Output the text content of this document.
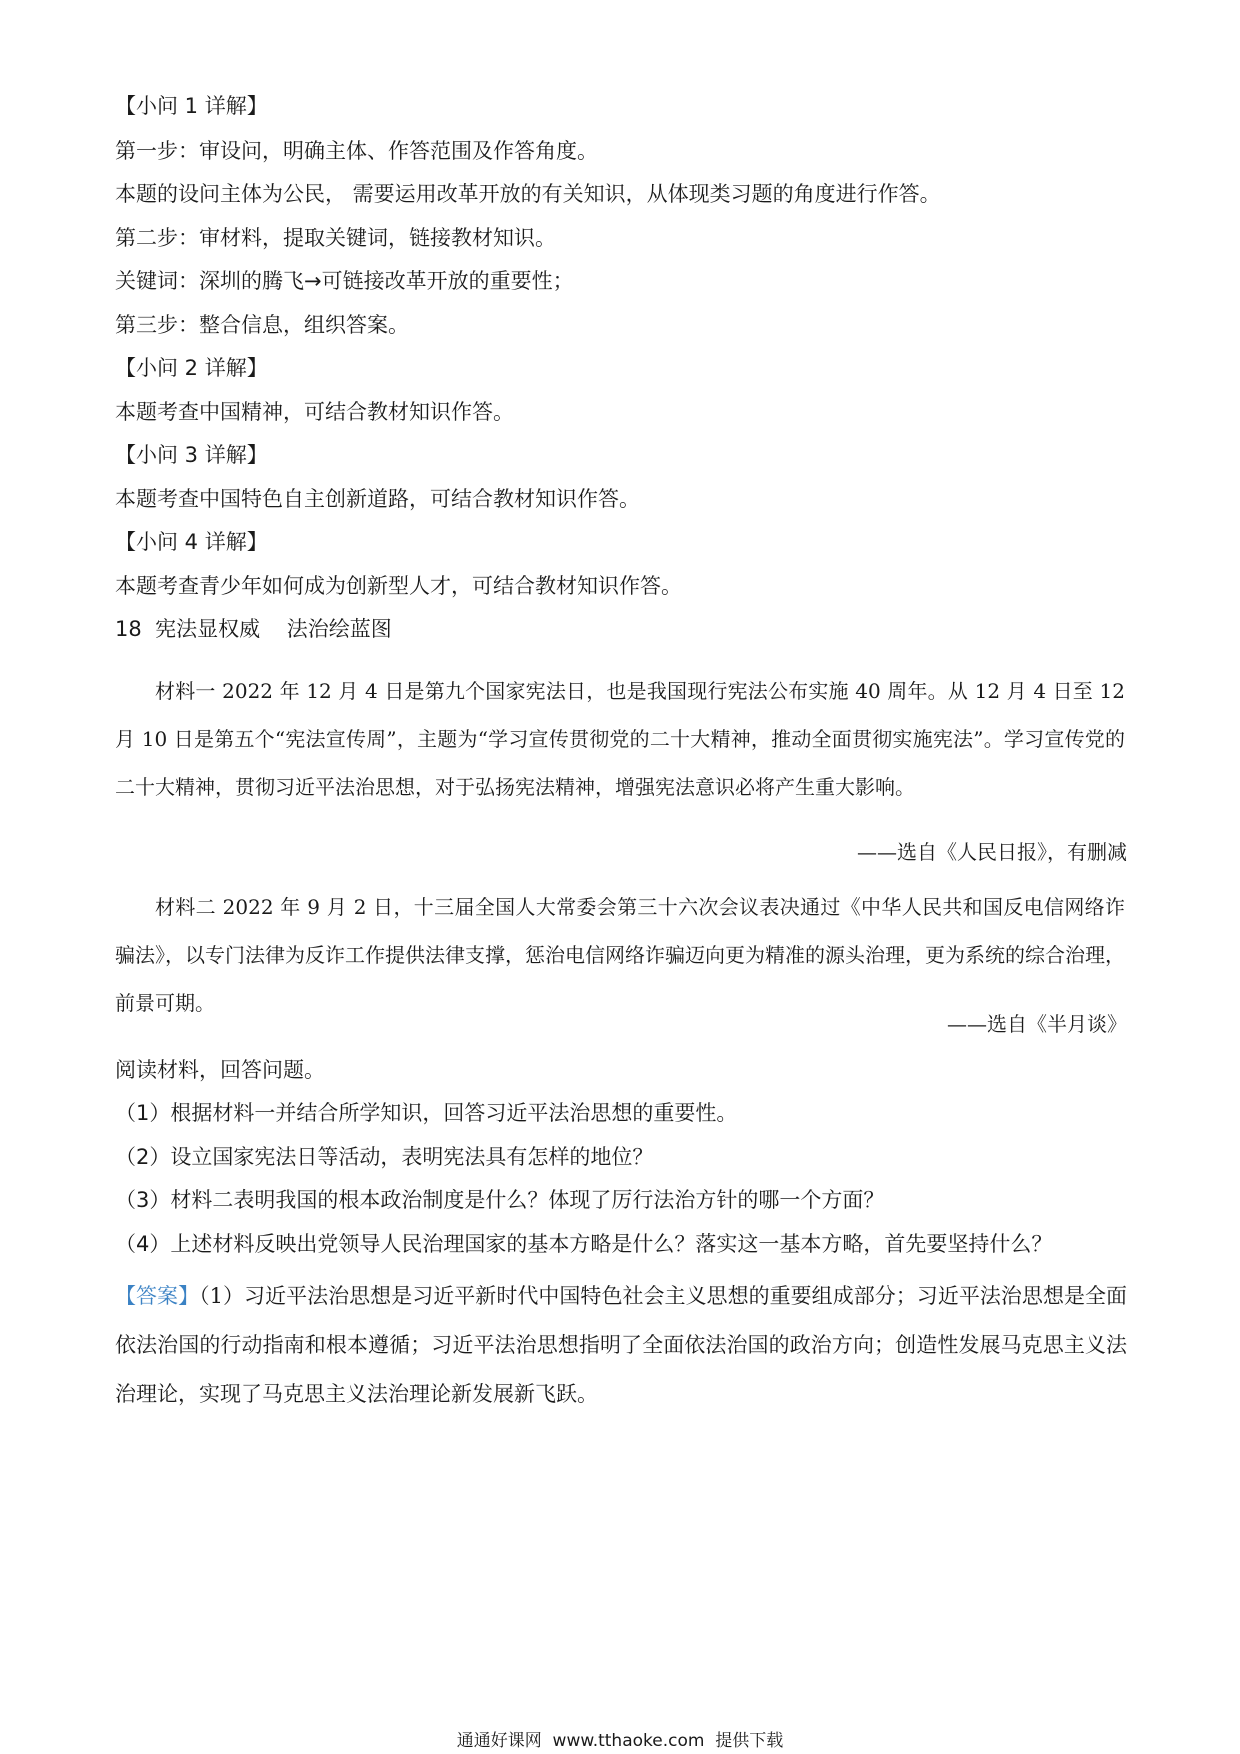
【小问 1 详解】
第一步：审设问，明确主体、作答范围及作答角度。
本题的设问主体为公民， 需要运用改革开放的有关知识，从体现类习题的角度进行作答。
第二步：审材料，提取关键词，链接教材知识。
关键词：深圳的腾飞→可链接改革开放的重要性；
第三步：整合信息，组织答案。
【小问 2 详解】
本题考查中国精神，可结合教材知识作答。
【小问 3 详解】
本题考查中国特色自主创新道路，可结合教材知识作答。
【小问 4 详解】
本题考查青少年如何成为创新型人才，可结合教材知识作答。
18  宪法显权威    法治绘蓝图
材料一 2022 年 12 月 4 日是第九个国家宪法日，也是我国现行宪法公布实施 40 周年。从 12 月 4 日至 12 月 10 日是第五个“宪法宣传周”，主题为“学习宣传贯彻党的二十大精神，推动全面贯彻实施宪法”。学习宣传党的二十大精神，贯彻习近平法治思想，对于弘扬宪法精神，增强宪法意识必将产生重大影响。
——选自《人民日报》，有删减
材料二 2022 年 9 月 2 日，十三届全国人大常委会第三十六次会议表决通过《中华人民共和国反电信网络诈骗法》，以专门法律为反诈工作提供法律支撑，惩治电信网络诈骗迈向更为精准的源头治理，更为系统的综合治理，前景可期。
——选自《半月谈》
阅读材料，回答问题。
（1）根据材料一并结合所学知识，回答习近平法治思想的重要性。
（2）设立国家宪法日等活动，表明宪法具有怎样的地位？
（3）材料二表明我国的根本政治制度是什么？体现了厉行法治方针的哪一个方面？
（4）上述材料反映出党领导人民治理国家的基本方略是什么？落实这一基本方略，首先要坚持什么？
【答案】（1）习近平法治思想是习近平新时代中国特色社会主义思想的重要组成部分；习近平法治思想是全面依法治国的行动指南和根本遵循；习近平法治思想指明了全面依法治国的政治方向；创造性发展马克思主义法治理论，实现了马克思主义法治理论新发展新飞跃。
通通好课网  www.tthaoke.com  提供下载
